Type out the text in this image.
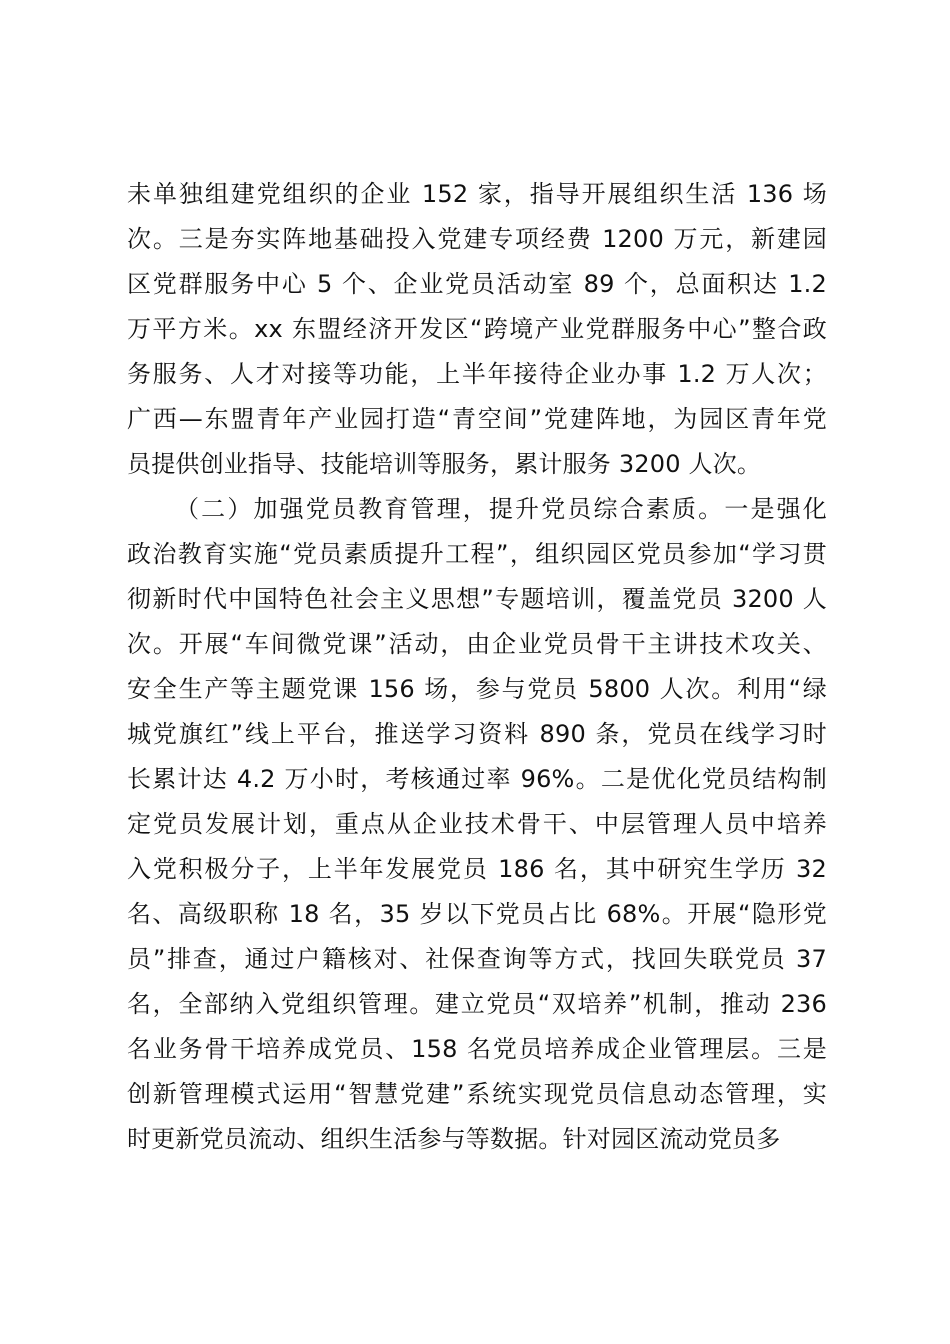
未单独组建党组织的企业 152 家，指导开展组织生活 136 场
次。三是夯实阵地基础投入党建专项经费 1200 万元，新建园
区党群服务中心 5 个、企业党员活动室 89 个，总面积达 1.2
万平方米。xx 东盟经济开发区“跨境产业党群服务中心”整合政
务服务、人才对接等功能，上半年接待企业办事 1.2 万人次；
广西—东盟青年产业园打造“青空间”党建阵地，为园区青年党
员提供创业指导、技能培训等服务，累计服务 3200 人次。
（二）加强党员教育管理，提升党员综合素质。一是强化
政治教育实施“党员素质提升工程”，组织园区党员参加“学习贯
彻新时代中国特色社会主义思想”专题培训，覆盖党员 3200 人
次。开展“车间微党课”活动，由企业党员骨干主讲技术攻关、
安全生产等主题党课 156 场，参与党员 5800 人次。利用“绿
城党旗红”线上平台，推送学习资料 890 条，党员在线学习时
长累计达 4.2 万小时，考核通过率 96%。二是优化党员结构制
定党员发展计划，重点从企业技术骨干、中层管理人员中培养
入党积极分子，上半年发展党员 186 名，其中研究生学历 32
名、高级职称 18 名，35 岁以下党员占比 68%。开展“隐形党
员”排查，通过户籍核对、社保查询等方式，找回失联党员 37
名，全部纳入党组织管理。建立党员“双培养”机制，推动 236
名业务骨干培养成党员、158 名党员培养成企业管理层。三是
创新管理模式运用“智慧党建”系统实现党员信息动态管理，实
时更新党员流动、组织生活参与等数据。针对园区流动党员多
